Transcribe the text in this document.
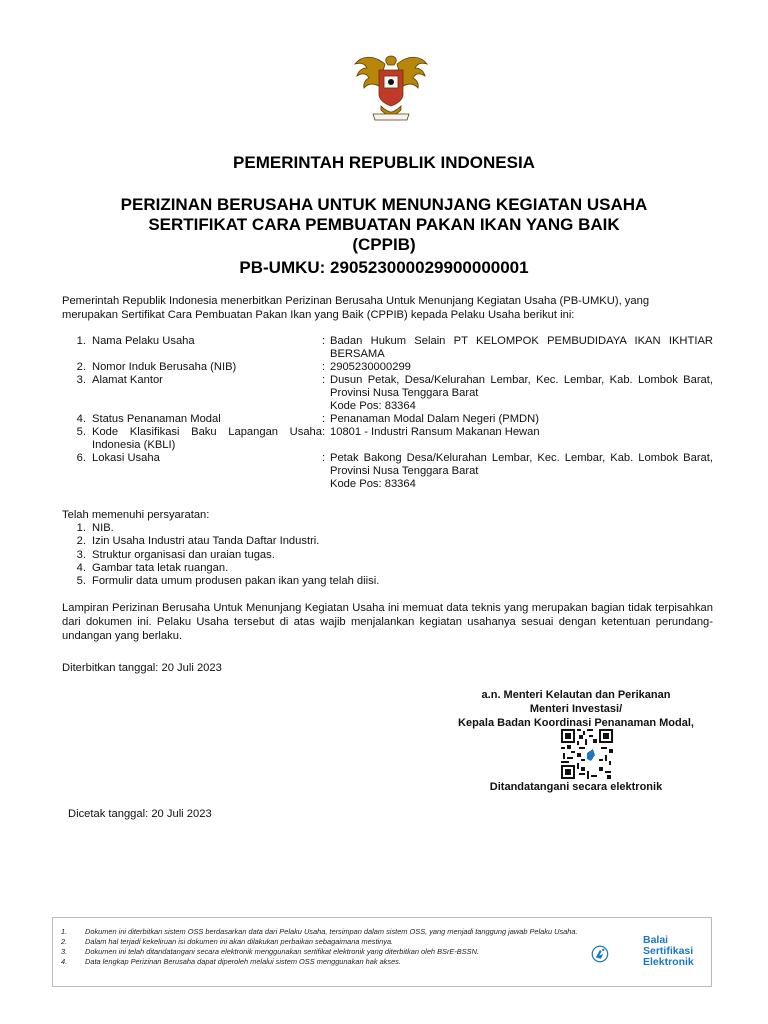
PEMERINTAH REPUBLIK INDONESIA
PERIZINAN BERUSAHA UNTUK MENUNJANG KEGIATAN USAHA
SERTIFIKAT CARA PEMBUATAN PAKAN IKAN YANG BAIK
(CPPIB)
PB-UMKU: 290523000029900000001
Pemerintah Republik Indonesia menerbitkan Perizinan Berusaha Untuk Menunjang Kegiatan Usaha (PB-UMKU), yang
merupakan Sertifikat Cara Pembuatan Pakan Ikan yang Baik (CPPIB) kepada Pelaku Usaha berikut ini:
1. Nama Pelaku Usaha	: Badan Hukum Selain PT KELOMPOK PEMBUDIDAYA IKAN IKHTIAR BERSAMA
2. Nomor Induk Berusaha (NIB)	: 2905230000299
3. Alamat Kantor	: Dusun Petak, Desa/Kelurahan Lembar, Kec. Lembar, Kab. Lombok Barat, Provinsi Nusa Tenggara Barat
Kode Pos: 83364
4. Status Penanaman Modal	: Penanaman Modal Dalam Negeri (PMDN)
5. Kode Klasifikasi Baku Lapangan Usaha Indonesia (KBLI)
: 10801 - Industri Ransum Makanan Hewan
6. Lokasi Usaha	: Petak Bakong Desa/Kelurahan Lembar, Kec. Lembar, Kab. Lombok Barat, Provinsi Nusa Tenggara Barat
Kode Pos: 83364
Telah memenuhi persyaratan:
1. NIB.
2. Izin Usaha Industri atau Tanda Daftar Industri.
3. Struktur organisasi dan uraian tugas.
4. Gambar tata letak ruangan.
5. Formulir data umum produsen pakan ikan yang telah diisi.
Lampiran Perizinan Berusaha Untuk Menunjang Kegiatan Usaha ini memuat data teknis yang merupakan bagian tidak terpisahkan dari dokumen ini. Pelaku Usaha tersebut di atas wajib menjalankan kegiatan usahanya sesuai dengan ketentuan perundang-undangan yang berlaku.
Diterbitkan tanggal: 20 Juli 2023
a.n. Menteri Kelautan dan Perikanan
Menteri Investasi/
Kepala Badan Koordinasi Penanaman Modal,
Ditandatangani secara elektronik
Dicetak tanggal: 20 Juli 2023
1.	Dokumen ini diterbitkan sistem OSS berdasarkan data dari Pelaku Usaha, tersimpan dalam sistem OSS, yang menjadi tanggung jawab Pelaku Usaha.
2.	Dalam hal terjadi kekeliruan isi dokumen ini akan dilakukan perbaikan sebagaimana mestinya.
3.	Dokumen ini telah ditandatangani secara elektronik menggunakan sertifikat elektronik yang diterbitkan oleh BSrE-BSSN.
4.	Data lengkap Perizinan Berusaha dapat diperoleh melalui sistem OSS menggunakan hak akses.
Balai
Sertifikasi
Elektronik
